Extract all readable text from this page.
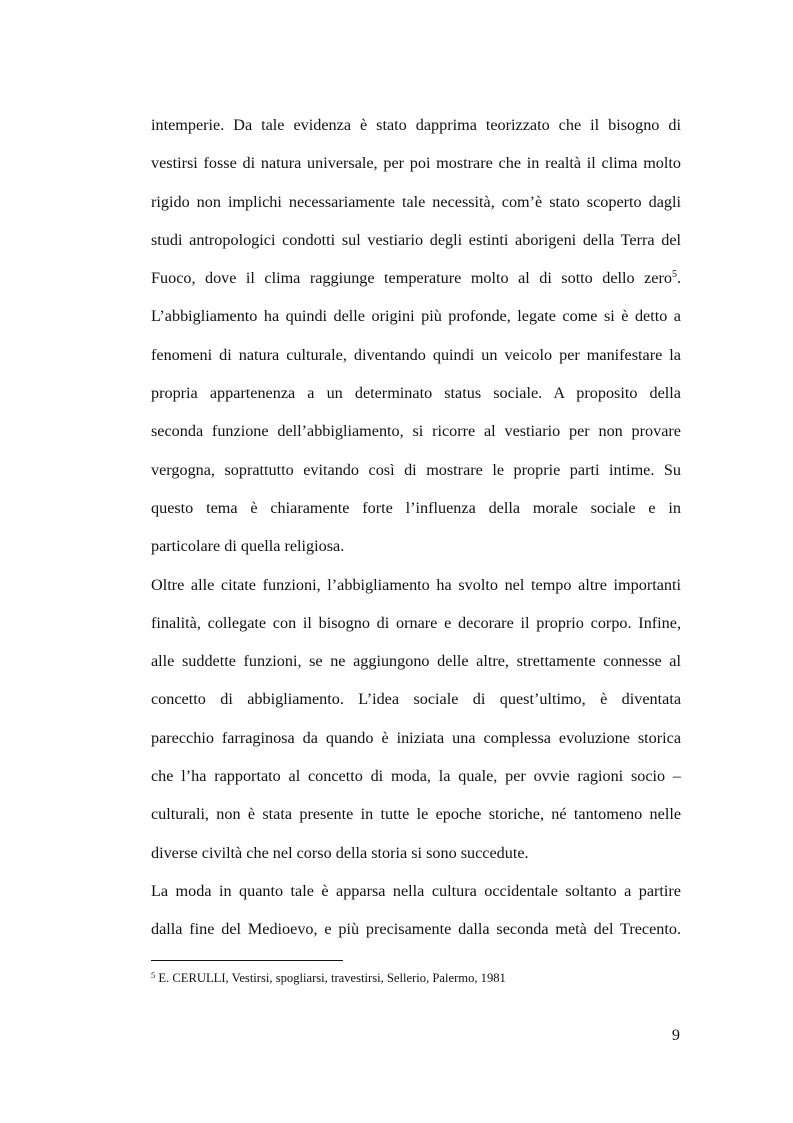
intemperie. Da tale evidenza è stato dapprima teorizzato che il bisogno di
vestirsi fosse di natura universale, per poi mostrare che in realtà il clima molto
rigido non implichi necessariamente tale necessità, com’è stato scoperto dagli
studi antropologici condotti sul vestiario degli estinti aborigeni della Terra del
Fuoco, dove il clima raggiunge temperature molto al di sotto dello zero$^5$.
L’abbigliamento ha quindi delle origini più profonde, legate come si è detto a
fenomeni di natura culturale, diventando quindi un veicolo per manifestare la
propria appartenenza a un determinato status sociale. A proposito della
seconda funzione dell’abbigliamento, si ricorre al vestiario per non provare
vergogna, soprattutto evitando così di mostrare le proprie parti intime. Su
questo tema è chiaramente forte l’influenza della morale sociale e in
particolare di quella religiosa.
Oltre alle citate funzioni, l’abbigliamento ha svolto nel tempo altre importanti
finalità, collegate con il bisogno di ornare e decorare il proprio corpo. Infine,
alle suddette funzioni, se ne aggiungono delle altre, strettamente connesse al
concetto di abbigliamento. L’idea sociale di quest’ultimo, è diventata
parecchio farraginosa da quando è iniziata una complessa evoluzione storica
che l’ha rapportato al concetto di moda, la quale, per ovvie ragioni socio –
culturali, non è stata presente in tutte le epoche storiche, né tantomeno nelle
diverse civiltà che nel corso della storia si sono succedute.
La moda in quanto tale è apparsa nella cultura occidentale soltanto a partire
dalla fine del Medioevo, e più precisamente dalla seconda metà del Trecento.
$^5$ E. CERULLI, Vestirsi, spogliarsi, travestirsi, Sellerio, Palermo, 1981
9
